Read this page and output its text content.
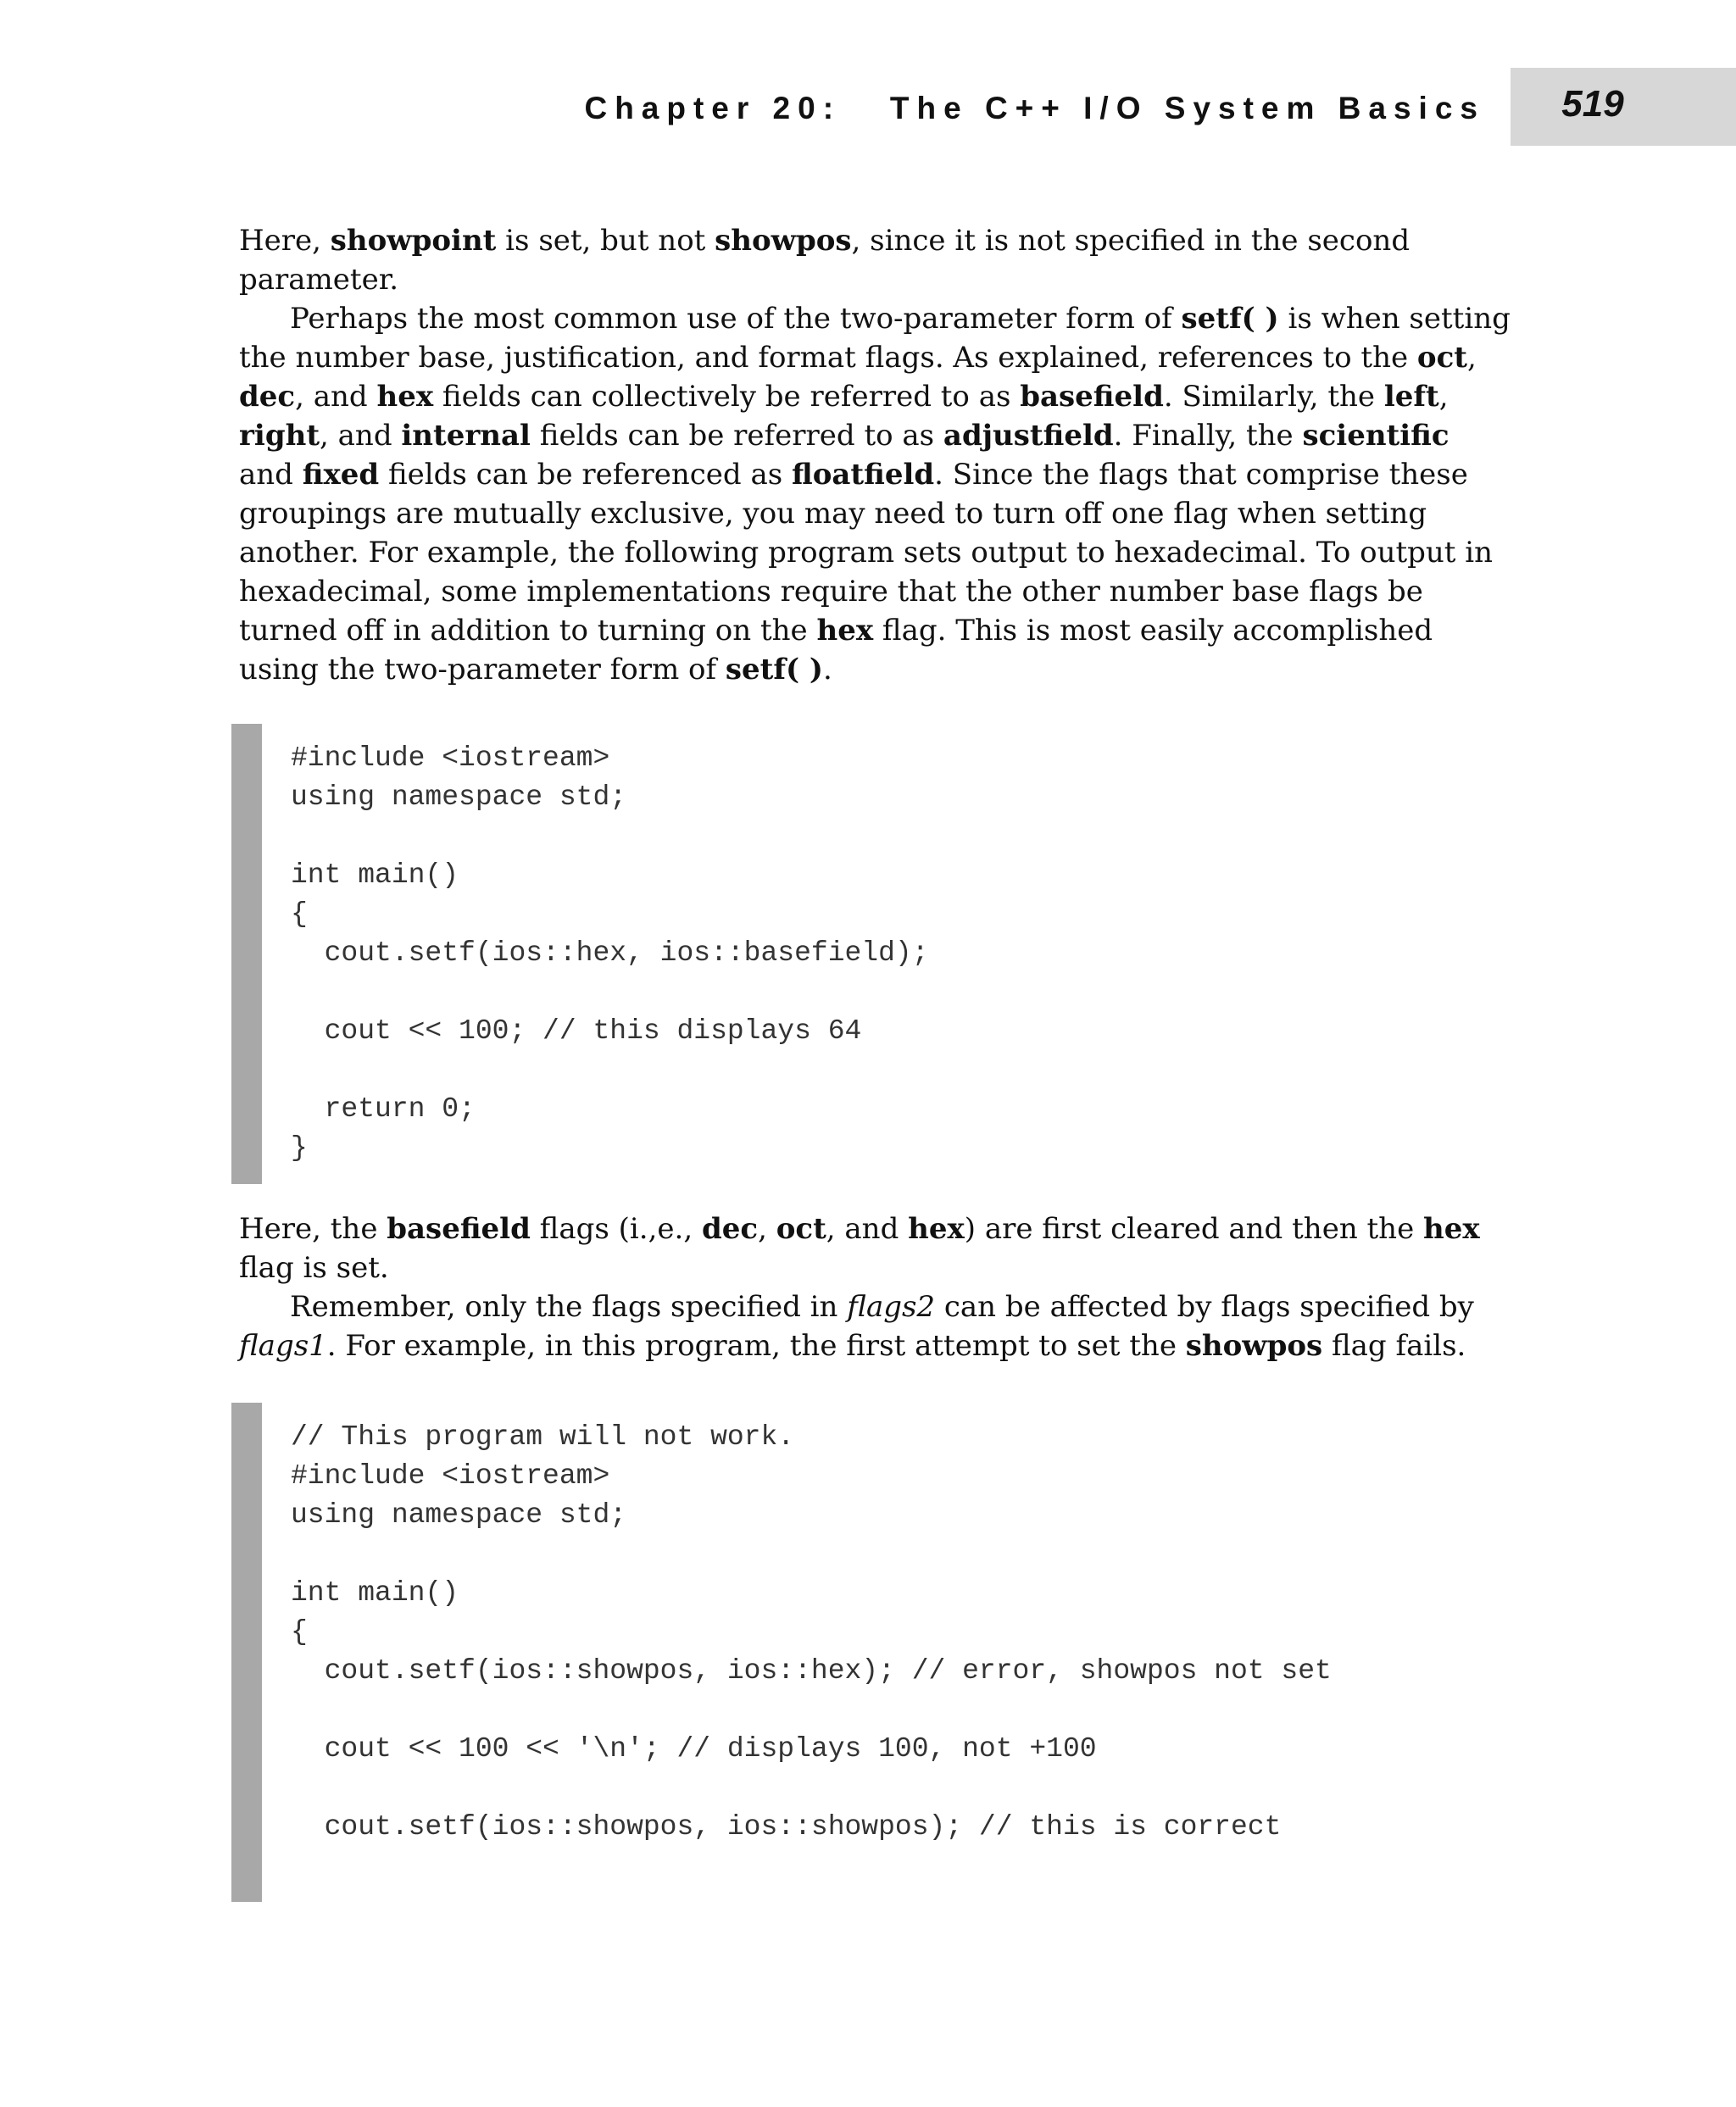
Chapter 20:   The C++ I/O System Basics	519

Here, showpoint is set, but not showpos, since it is not specified in the second parameter.

Perhaps the most common use of the two-parameter form of setf( ) is when setting the number base, justification, and format flags. As explained, references to the oct, dec, and hex fields can collectively be referred to as basefield. Similarly, the left, right, and internal fields can be referred to as adjustfield. Finally, the scientific and fixed fields can be referenced as floatfield. Since the flags that comprise these groupings are mutually exclusive, you may need to turn off one flag when setting another. For example, the following program sets output to hexadecimal. To output in hexadecimal, some implementations require that the other number base flags be turned off in addition to turning on the hex flag. This is most easily accomplished using the two-parameter form of setf( ).

#include <iostream>
using namespace std;
int main()
{
cout.setf(ios::hex, ios::basefield);
cout << 100; // this displays 64
return 0;
}

Here, the basefield flags (i.,e., dec, oct, and hex) are first cleared and then the hex flag is set.

Remember, only the flags specified in flags2 can be affected by flags specified by flags1. For example, in this program, the first attempt to set the showpos flag fails.

// This program will not work.
#include <iostream>
using namespace std;
int main()
{
cout.setf(ios::showpos, ios::hex); // error, showpos not set
cout << 100 << '\n'; // displays 100, not +100
cout.setf(ios::showpos, ios::showpos); // this is correct
